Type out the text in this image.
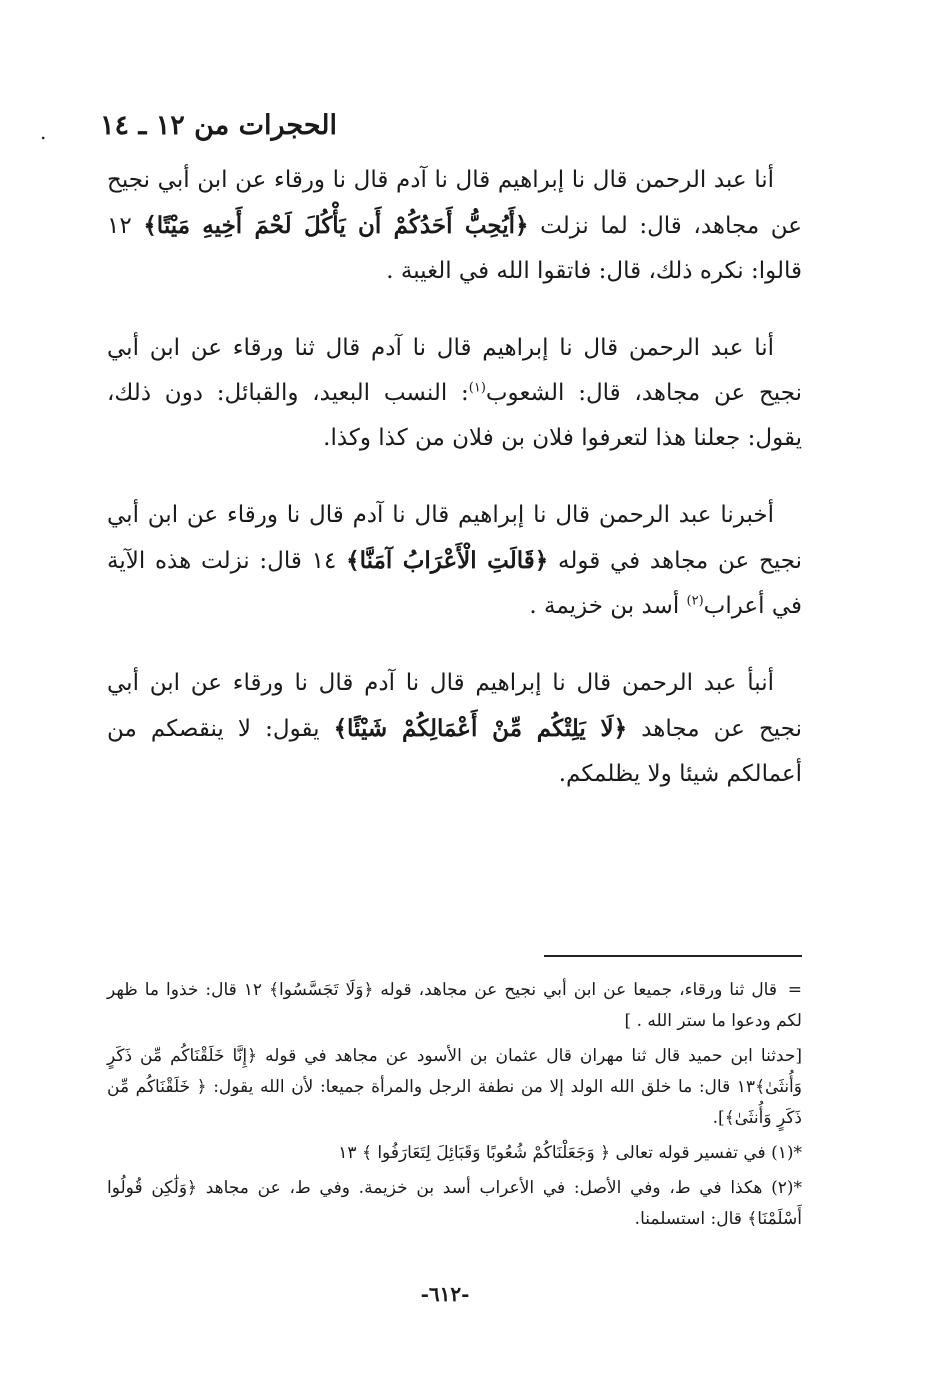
الحجرات من ١٢ ـ ١٤
.

أنا عبد الرحمن قال نا إبراهيم قال نا آدم قال نا ورقاء عن ابن أبي نجيح عن مجاهد، قال: لما نزلت ﴿أَيُحِبُّ أَحَدُكُمْ أَن يَأْكُلَ لَحْمَ أَخِيهِ مَيْتًا﴾ ١٢ قالوا: نكره ذلك، قال: فاتقوا الله في الغيبة .

أنا عبد الرحمن قال نا إبراهيم قال نا آدم قال ثنا ورقاء عن ابن أبي نجيح عن مجاهد، قال: الشعوب$^{(١)}$: النسب البعيد، والقبائل: دون ذلك، يقول: جعلنا هذا لتعرفوا فلان بن فلان من كذا وكذا.

أخبرنا عبد الرحمن قال نا إبراهيم قال نا آدم قال نا ورقاء عن ابن أبي نجيح عن مجاهد في قوله ﴿قَالَتِ الْأَعْرَابُ آمَنَّا﴾ ١٤ قال: نزلت هذه الآية في أعراب$^{(٢)}$ أسد بن خزيمة .

أنبأ عبد الرحمن قال نا إبراهيم قال نا آدم قال نا ورقاء عن ابن أبي نجيح عن مجاهد ﴿لَا يَلِتْكُم مِّنْ أَعْمَالِكُمْ شَيْئًا﴾ يقول: لا ينقصكم من أعمالكم شيئا ولا يظلمكم.

= قال ثنا ورقاء، جميعا عن ابن أبي نجيح عن مجاهد، قوله ﴿وَلَا تَجَسَّسُوا﴾ ١٢ قال: خذوا ما ظهر لكم ودعوا ما ستر الله . ]

[حدثنا ابن حميد قال ثنا مهران قال عثمان بن الأسود عن مجاهد في قوله ﴿إِنَّا خَلَقْنَاكُم مِّن ذَكَرٍ وَأُنثَىٰ﴾١٣ قال: ما خلق الله الولد إلا من نطفة الرجل والمرأة جميعا: لأن الله يقول: ﴿ خَلَقْنَاكُم مِّن ذَكَرٍ وَأُنثَىٰ﴾].

*(١) في تفسير قوله تعالى ﴿ وَجَعَلْنَاكُمْ شُعُوبًا وَقَبَائِلَ لِتَعَارَفُوا ﴾ ١٣

*(٢) هكذا في ط، وفي الأصل: في الأعراب أسد بن خزيمة. وفي ط، عن مجاهد ﴿وَلَٰكِن قُولُوا أَسْلَمْنَا﴾ قال: استسلمنا.

-٦١٢-
